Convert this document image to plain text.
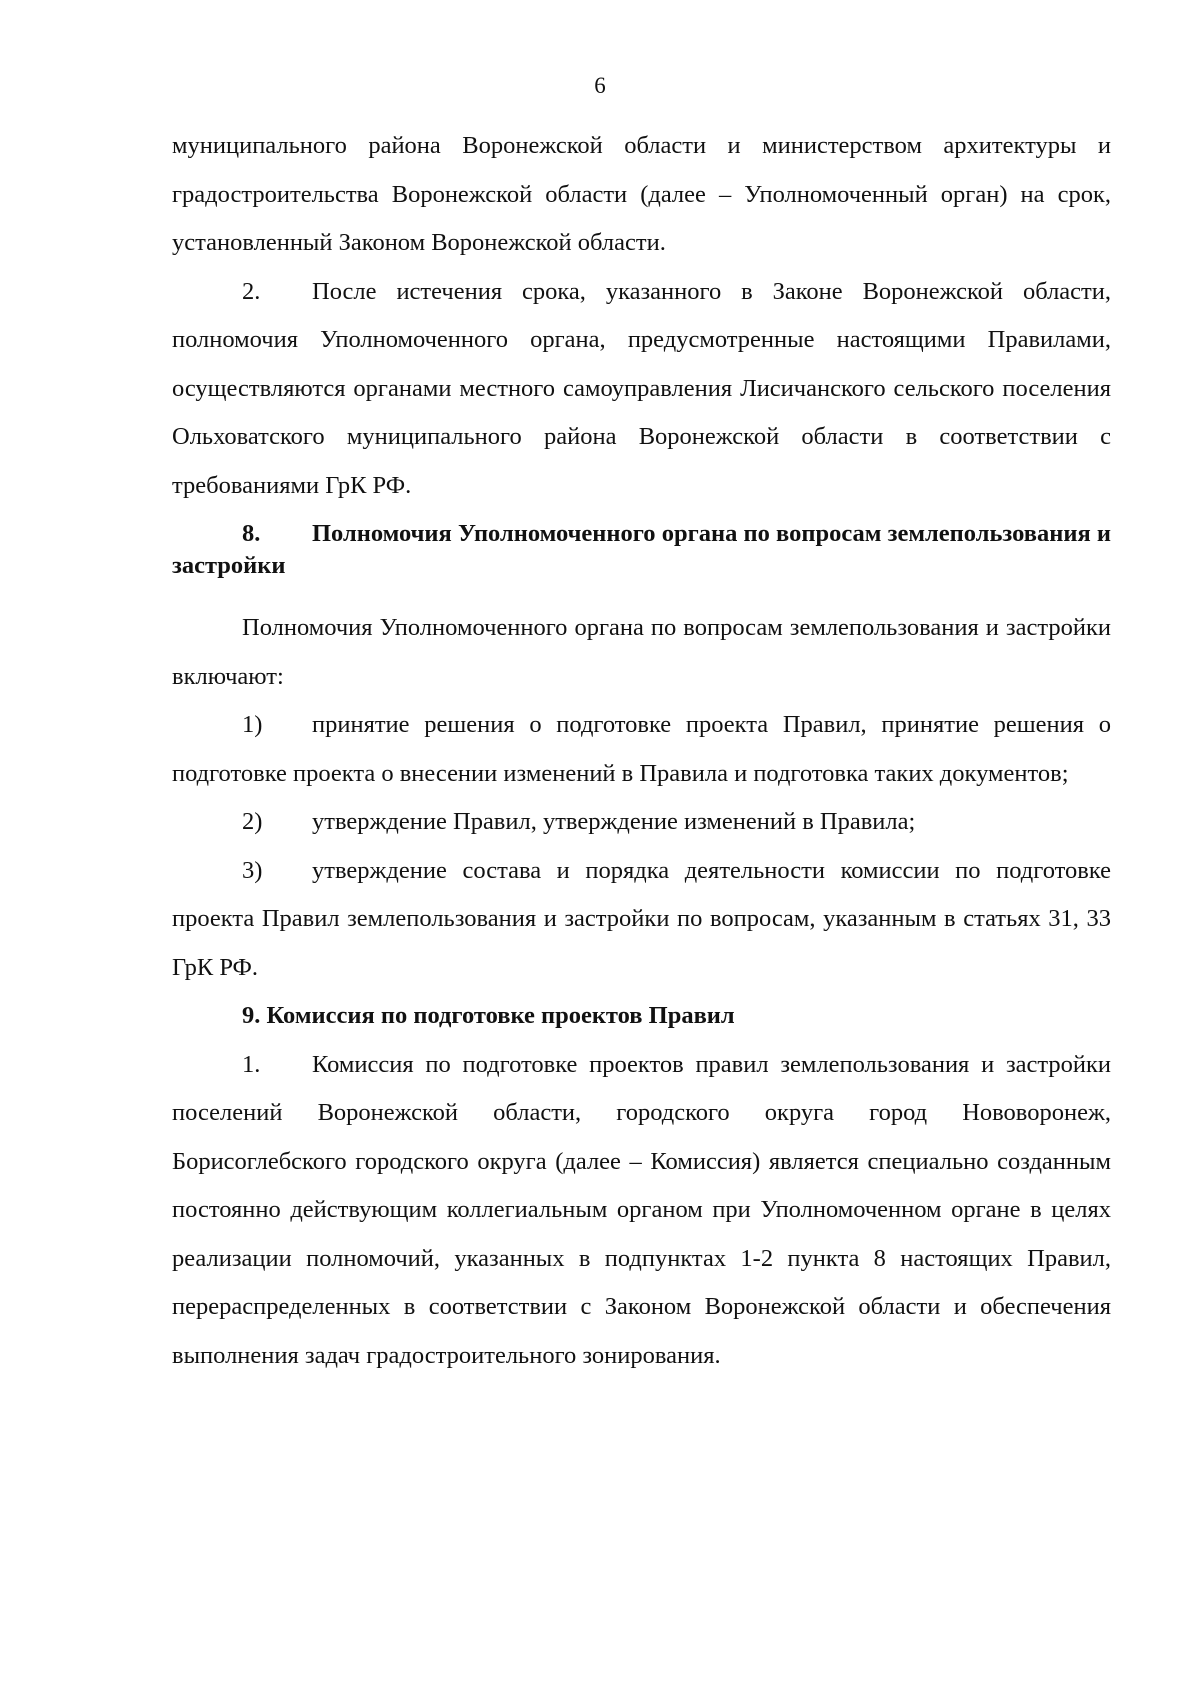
6

муниципального района Воронежской области и министерством архитектуры и градостроительства Воронежской области (далее – Уполномоченный орган) на срок, установленный Законом Воронежской области.

2. После истечения срока, указанного в Законе Воронежской области, полномочия Уполномоченного органа, предусмотренные настоящими Правилами, осуществляются органами местного самоуправления Лисичанского сельского поселения Ольховатского муниципального района Воронежской области в соответствии с требованиями ГрК РФ.

8. Полномочия Уполномоченного органа по вопросам землепользования и застройки

Полномочия Уполномоченного органа по вопросам землепользования и застройки включают:

1) принятие решения о подготовке проекта Правил, принятие решения о подготовке проекта о внесении изменений в Правила и подготовка таких документов;

2) утверждение Правил, утверждение изменений в Правила;

3) утверждение состава и порядка деятельности комиссии по подготовке проекта Правил землепользования и застройки по вопросам, указанным в статьях 31, 33 ГрК РФ.

9. Комиссия по подготовке проектов Правил

1. Комиссия по подготовке проектов правил землепользования и застройки поселений Воронежской области, городского округа город Нововоронеж, Борисоглебского городского округа (далее – Комиссия) является специально созданным постоянно действующим коллегиальным органом при Уполномоченном органе в целях реализации полномочий, указанных в подпунктах 1-2 пункта 8 настоящих Правил, перераспределенных в соответствии с Законом Воронежской области и обеспечения выполнения задач градостроительного зонирования.
